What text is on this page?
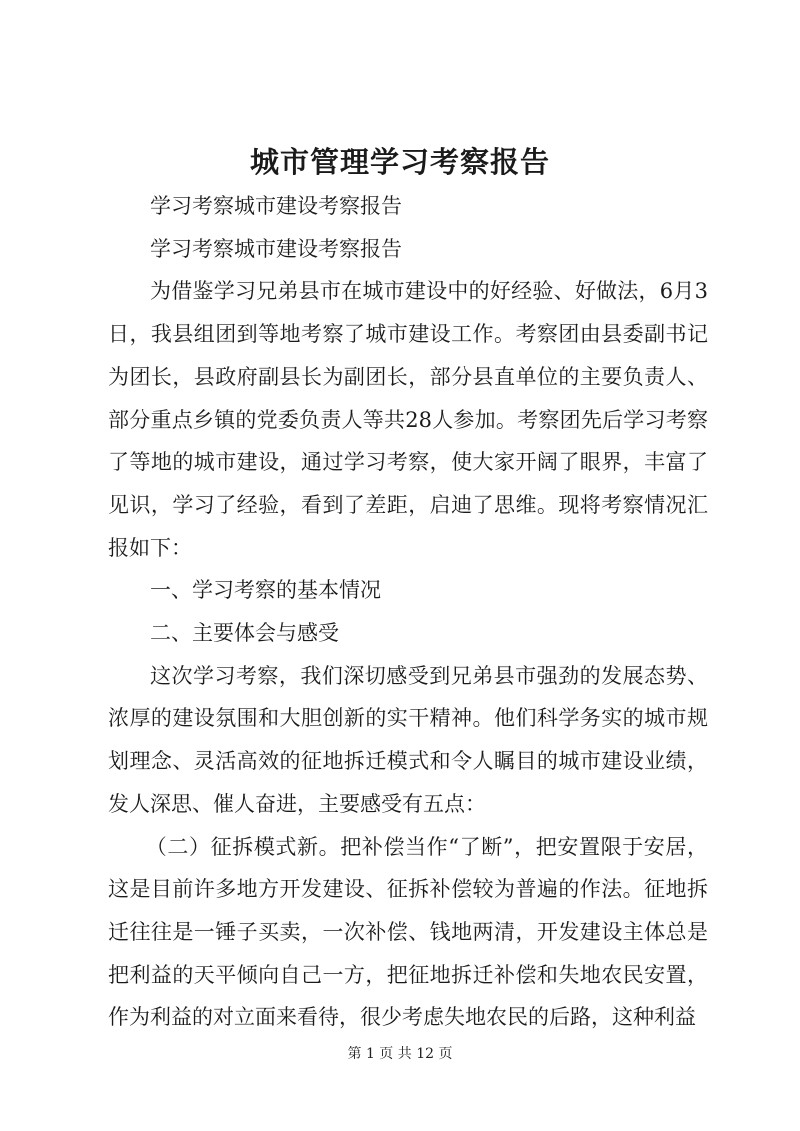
城市管理学习考察报告

学习考察城市建设考察报告

学习考察城市建设考察报告

为借鉴学习兄弟县市在城市建设中的好经验、好做法，6月3日，我县组团到等地考察了城市建设工作。考察团由县委副书记为团长，县政府副县长为副团长，部分县直单位的主要负责人、部分重点乡镇的党委负责人等共28人参加。考察团先后学习考察了等地的城市建设，通过学习考察，使大家开阔了眼界，丰富了见识，学习了经验，看到了差距，启迪了思维。现将考察情况汇报如下：

一、学习考察的基本情况

二、主要体会与感受

这次学习考察，我们深切感受到兄弟县市强劲的发展态势、浓厚的建设氛围和大胆创新的实干精神。他们科学务实的城市规划理念、灵活高效的征地拆迁模式和令人瞩目的城市建设业绩，发人深思、催人奋进，主要感受有五点：

（二）征拆模式新。把补偿当作“了断”，把安置限于安居，这是目前许多地方开发建设、征拆补偿较为普遍的作法。征地拆迁往往是一锤子买卖，一次补偿、钱地两清，开发建设主体总是把利益的天平倾向自己一方，把征地拆迁补偿和失地农民安置，作为利益的对立面来看待，很少考虑失地农民的后路，这种利益

第 1 页 共 12 页
